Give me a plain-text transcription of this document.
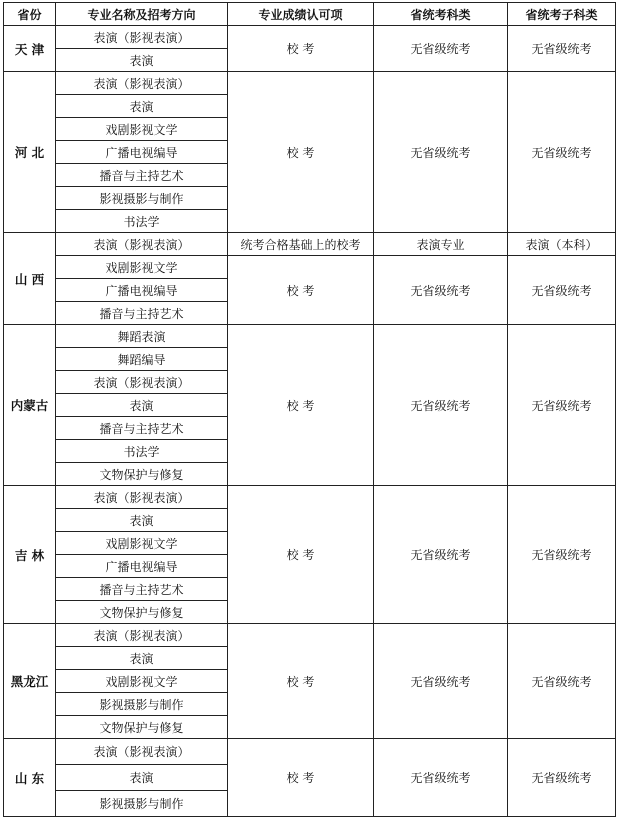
省份	专业名称及招考方向	专业成绩认可项	省统考科类	省统考子科类
天 津	表演（影视表演）	校 考	无省级统考	无省级统考
	表演			
河 北	表演（影视表演）	校 考	无省级统考	无省级统考
	表演			
	戏剧影视文学			
	广播电视编导			
	播音与主持艺术			
	影视摄影与制作			
	书法学			
山 西	表演（影视表演）	统考合格基础上的校考	表演专业	表演（本科）
	戏剧影视文学	校 考	无省级统考	无省级统考
	广播电视编导			
	播音与主持艺术			
内蒙古	舞蹈表演	校 考	无省级统考	无省级统考
	舞蹈编导			
	表演（影视表演）			
	表演			
	播音与主持艺术			
	书法学			
	文物保护与修复			
吉 林	表演（影视表演）	校 考	无省级统考	无省级统考
	表演			
	戏剧影视文学			
	广播电视编导			
	播音与主持艺术			
	文物保护与修复			
黑龙江	表演（影视表演）	校 考	无省级统考	无省级统考
	表演			
	戏剧影视文学			
	影视摄影与制作			
	文物保护与修复			
山 东	表演（影视表演）	校 考	无省级统考	无省级统考
	表演			
	影视摄影与制作			
